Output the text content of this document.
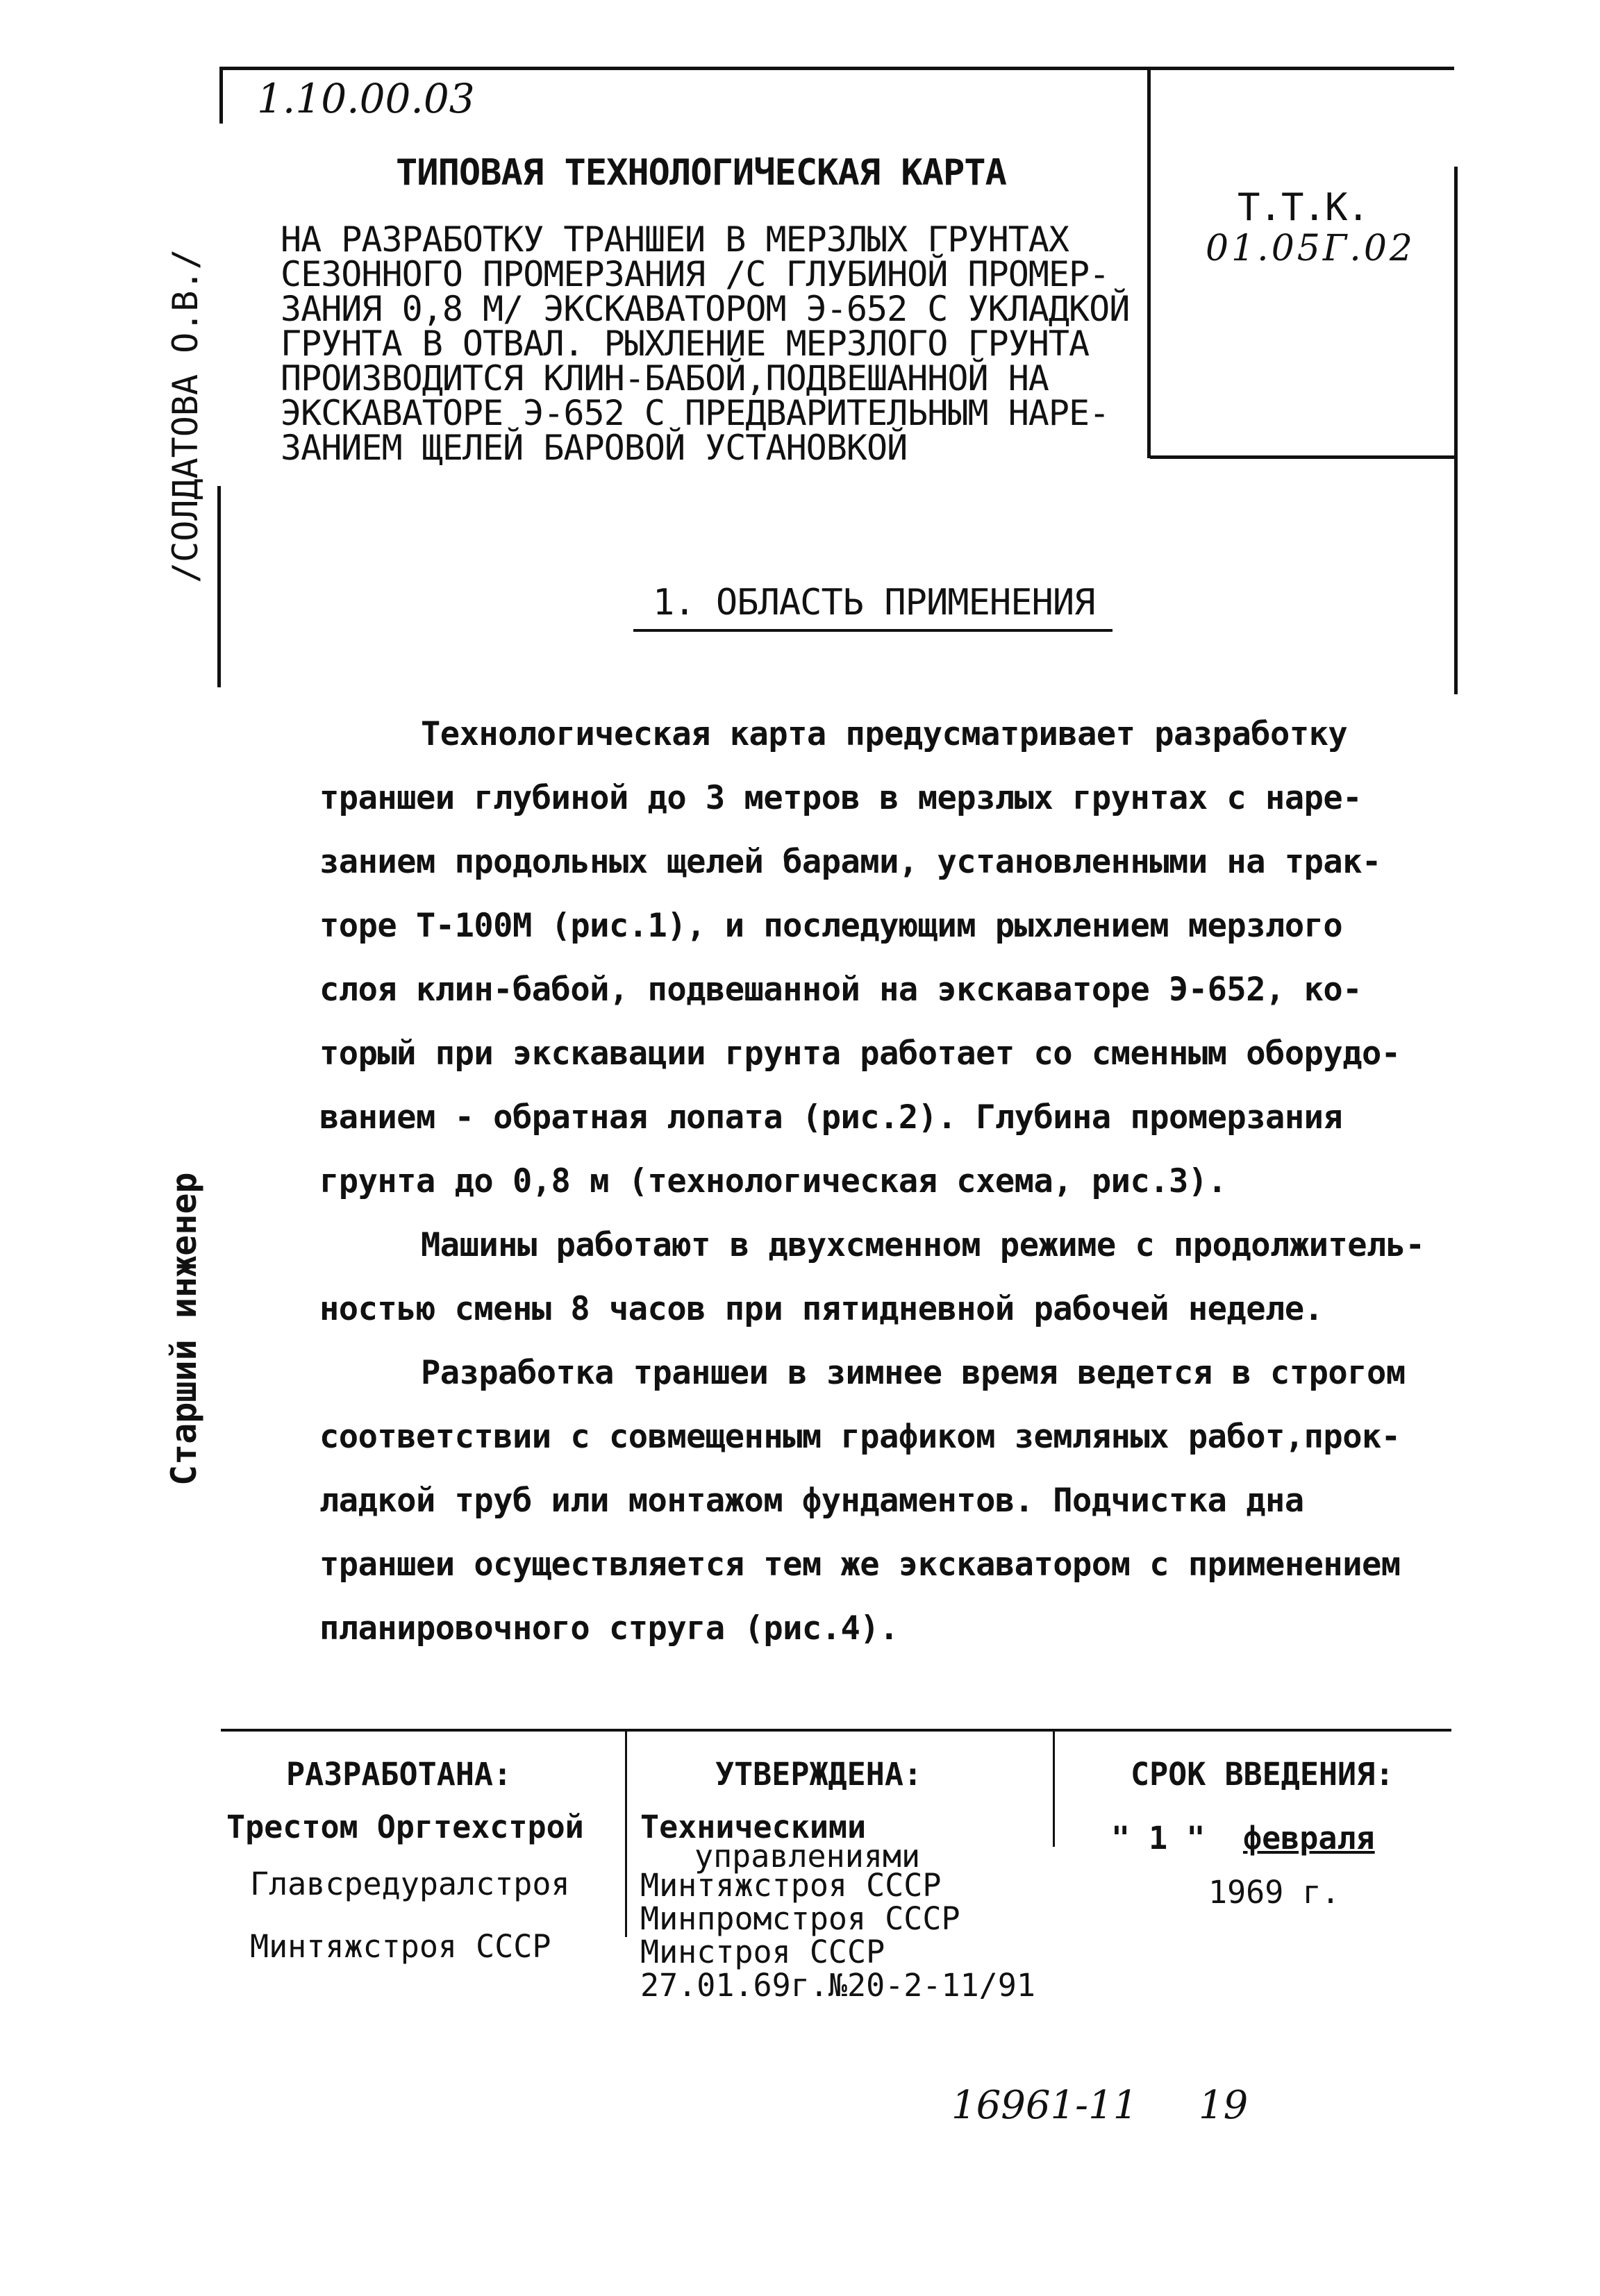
1.10.00.03
ТИПОВАЯ ТЕХНОЛОГИЧЕСКАЯ КАРТА
НА РАЗРАБОТКУ ТРАНШЕИ В МЕРЗЛЫХ ГРУНТАХ
СЕЗОННОГО ПРОМЕРЗАНИЯ /С ГЛУБИНОЙ ПРОМЕР-
ЗАНИЯ 0,8 М/ ЭКСКАВАТОРОМ Э-652 С УКЛАДКОЙ
ГРУНТА В ОТВАЛ. РЫХЛЕНИЕ МЕРЗЛОГО ГРУНТА
ПРОИЗВОДИТСЯ КЛИН-БАБОЙ,ПОДВЕШАННОЙ НА
ЭКСКАВАТОРЕ Э-652 С ПРЕДВАРИТЕЛЬНЫМ НАРЕ-
ЗАНИЕМ ЩЕЛЕЙ БАРОВОЙ УСТАНОВКОЙ
Т.Т.К.
01.05Г.02
/СОЛДАТОВА О.В./
Старший инженер
1. ОБЛАСТЬ ПРИМЕНЕНИЯ
Технологическая карта предусматривает разработку
траншеи глубиной до 3 метров в мерзлых грунтах с наре-
занием продольных щелей барами, установленными на трак-
торе Т-100М (рис.1), и последующим рыхлением мерзлого
слоя клин-бабой, подвешанной на экскаваторе Э-652, ко-
торый при экскавации грунта работает со сменным оборудо-
ванием - обратная лопата (рис.2). Глубина промерзания
грунта до 0,8 м (технологическая схема, рис.3).
Машины работают в двухсменном режиме с продолжитель-
ностью смены 8 часов при пятидневной рабочей неделе.
Разработка траншеи в зимнее время ведется в строгом
соответствии с совмещенным графиком земляных работ,прок-
ладкой труб или монтажом фундаментов. Подчистка дна
траншеи осуществляется тем же экскаватором с применением
планировочного струга (рис.4).
РАЗРАБОТАНА:
Трестом Оргтехстрой
Главсредуралстроя
Минтяжстроя СССР
УТВЕРЖДЕНА:
Техническими
управлениями
Минтяжстроя СССР
Минпромстроя СССР
Минстроя СССР
27.01.69г.№20-2-11/91
СРОК ВВЕДЕНИЯ:
" 1 " февраля
1969 г.
16961-11 19
